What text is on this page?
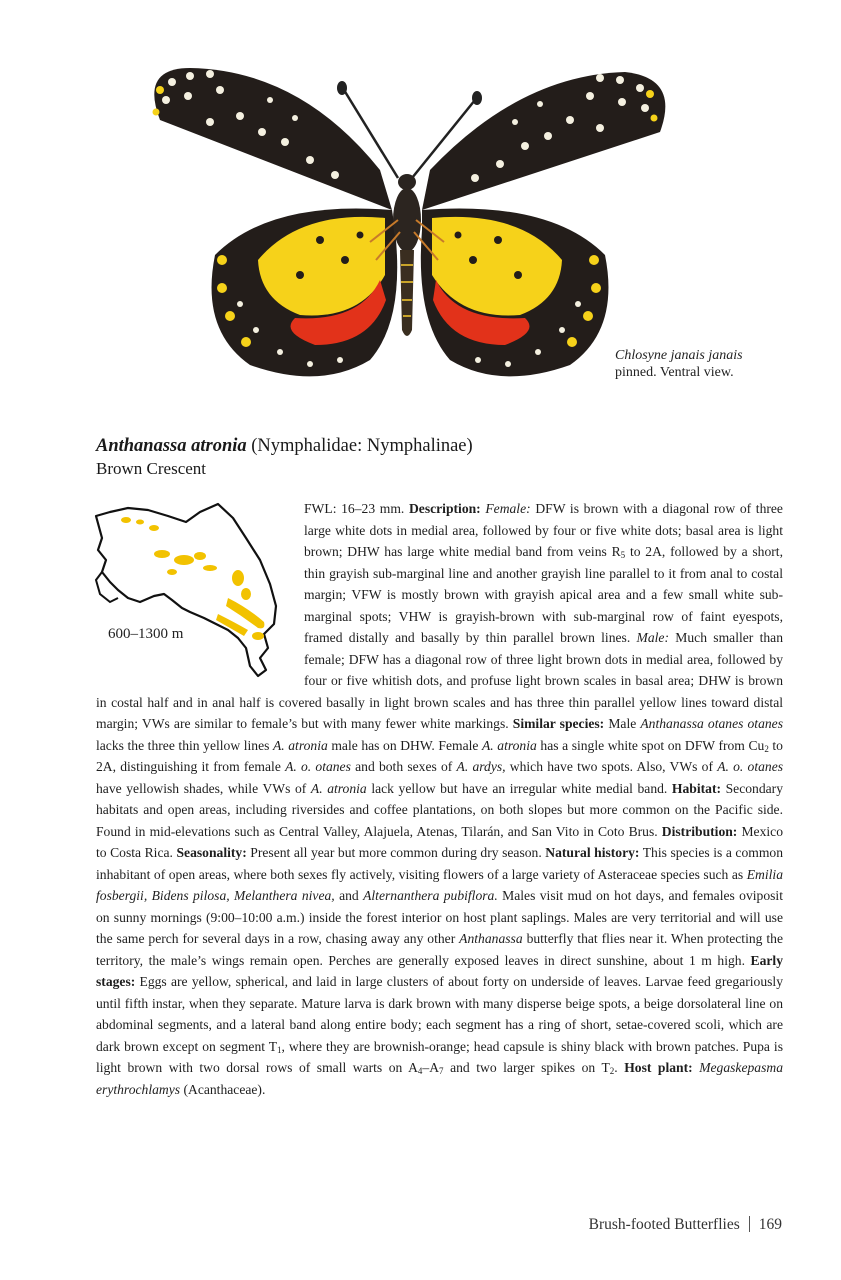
Chlosyne janais janais
pinned. Ventral view.
Anthanassa atronia (Nymphalidae: Nymphalinae)
Brown Crescent
FWL: 16–23 mm. Description: Female: DFW is brown with a diagonal row of three large white dots in medial area, followed by four or five white dots; basal area is light brown; DHW has large white medial band from veins $R_5$ to 2A, followed by a short, thin grayish sub-marginal line and another grayish line parallel to it from anal to costal margin; VFW is mostly brown with grayish apical area and a few small white sub-marginal spots; VHW is grayish-brown with sub-marginal row of faint eyespots, framed distally and basally by thin parallel brown lines. Male: Much smaller than female; DFW has a diagonal row of three light brown dots in medial area, followed by four or five whitish dots, and profuse light brown scales in basal area; DHW is brown in costal half and in anal half is covered basally in light brown scales and has three thin parallel yellow lines toward distal margin; VWs are similar to female’s but with many fewer white markings. Similar species: Male Anthanassa otanes otanes lacks the three thin yellow lines A. atronia male has on DHW. Female A. atronia has a single white spot on DFW from $Cu_2$ to 2A, distinguishing it from female A. o. otanes and both sexes of A. ardys, which have two spots. Also, VWs of A. o. otanes have yellowish shades, while VWs of A. atronia lack yellow but have an irregular white medial band. Habitat: Secondary habitats and open areas, including riversides and coffee plantations, on both slopes but more common on the Pacific side. Found in mid-elevations such as Central Valley, Alajuela, Atenas, Tilarán, and San Vito in Coto Brus. Distribution: Mexico to Costa Rica. Seasonality: Present all year but more common during dry season. Natural history: This species is a common inhabitant of open areas, where both sexes fly actively, visiting flowers of a large variety of Asteraceae species such as Emilia fosbergii, Bidens pilosa, Melanthera nivea, and Alternanthera pubiflora. Males visit mud on hot days, and females oviposit on sunny mornings (9:00–10:00 a.m.) inside the forest interior on host plant saplings. Males are very territorial and will use the same perch for several days in a row, chasing away any other Anthanassa butterfly that flies near it. When protecting the territory, the male’s wings remain open. Perches are generally exposed leaves in direct sunshine, about 1 m high. Early stages: Eggs are yellow, spherical, and laid in large clusters of about forty on underside of leaves. Larvae feed gregariously until fifth instar, when they separate. Mature larva is dark brown with many disperse beige spots, a beige dorsolateral line on abdominal segments, and a lateral band along entire body; each segment has a ring of short, setae-covered scoli, which are dark brown except on segment $T_1$, where they are brownish-orange; head capsule is shiny black with brown patches. Pupa is light brown with two dorsal rows of small warts on $A_4-A_7$ and two larger spikes on $T_2$. Host plant: Megaskepasma erythrochlamys (Acanthaceae).
600–1300 m
Brush-footed Butterflies 169
